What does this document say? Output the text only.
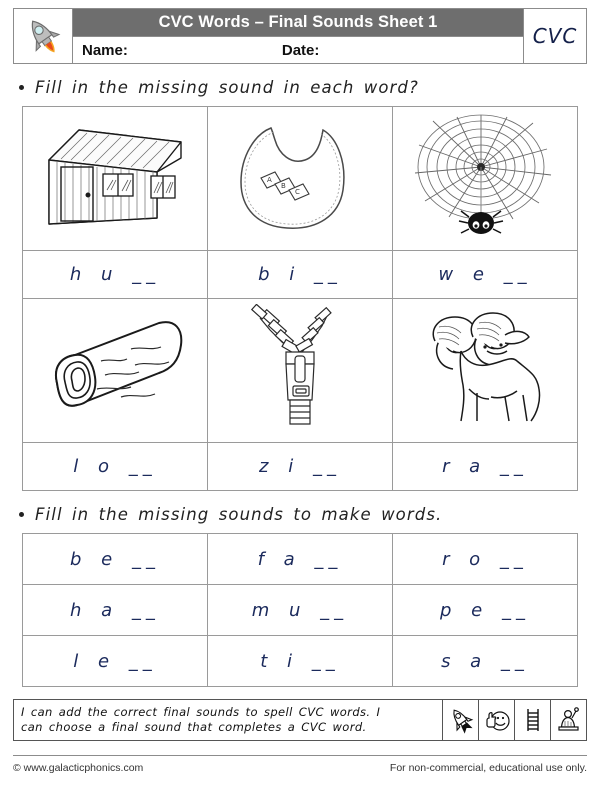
CVC Words – Final Sounds Sheet 1
Name:	Date:
CVC
Fill in the missing sound in each word?

A
B
C

h u __	b i __	w e __

l o __	z i __	r a __
Fill in the missing sounds to make words.
b e __	f a __	r o __
h a __	m u __	p e __
l e __	t i __	s a __
I can add the correct final sounds to spell CVC words. I
can choose a final sound that completes a CVC word.
© www.galacticphonics.com	For non-commercial, educational use only.
